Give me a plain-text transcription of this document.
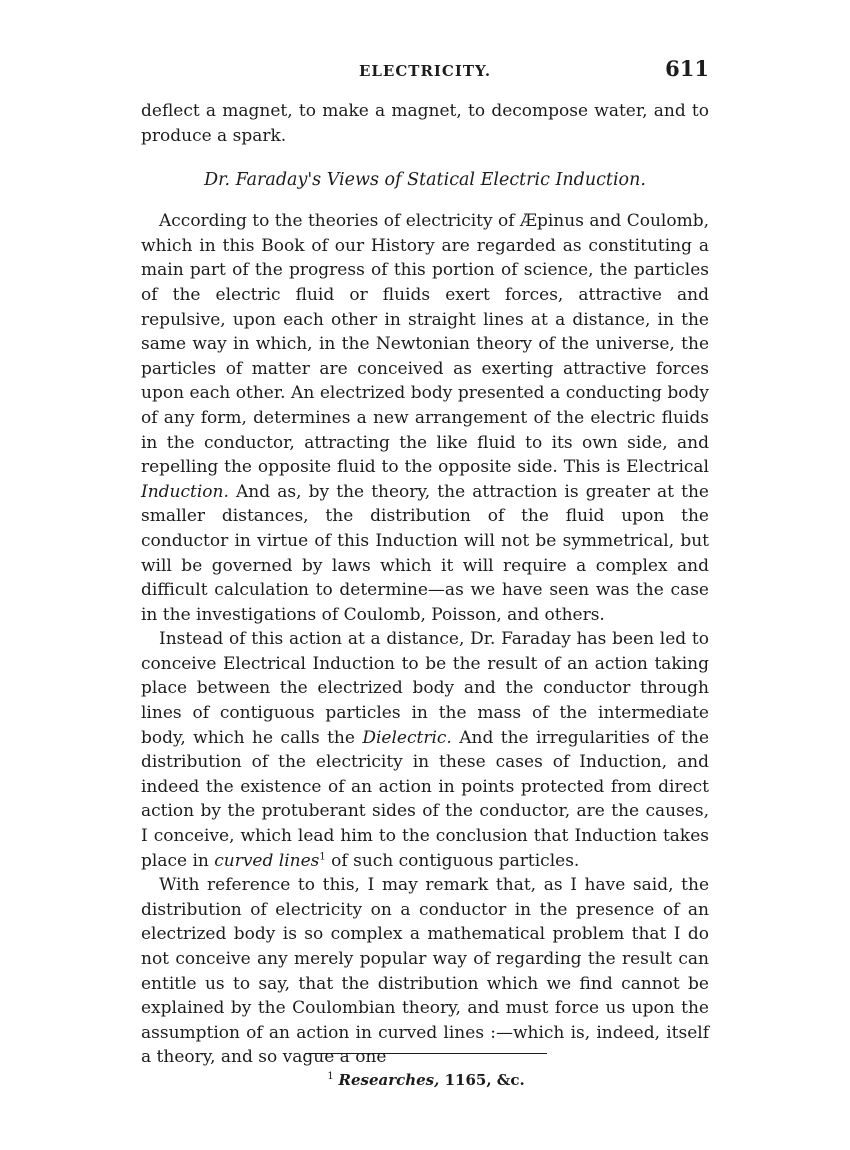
ELECTRICITY.	611

deflect a magnet, to make a magnet, to decompose water, and to produce a spark.

Dr. Faraday's Views of Statical Electric Induction.

According to the theories of electricity of Æpinus and Coulomb, which in this Book of our History are regarded as constituting a main part of the progress of this portion of science, the particles of the electric fluid or fluids exert forces, attractive and repulsive, upon each other in straight lines at a distance, in the same way in which, in the Newtonian theory of the universe, the particles of matter are conceived as exerting attractive forces upon each other. An electrized body presented a conducting body of any form, determines a new arrangement of the electric fluids in the conductor, attracting the like fluid to its own side, and repelling the opposite fluid to the opposite side. This is Electrical Induction. And as, by the theory, the attraction is greater at the smaller distances, the distribution of the fluid upon the conductor in virtue of this Induction will not be symmetrical, but will be governed by laws which it will require a complex and difficult calculation to determine—as we have seen was the case in the investigations of Coulomb, Poisson, and others.

Instead of this action at a distance, Dr. Faraday has been led to conceive Electrical Induction to be the result of an action taking place between the electrized body and the conductor through lines of contiguous particles in the mass of the intermediate body, which he calls the Dielectric. And the irregularities of the distribution of the electricity in these cases of Induction, and indeed the existence of an action in points protected from direct action by the protuberant sides of the conductor, are the causes, I conceive, which lead him to the conclusion that Induction takes place in curved lines$^1$ of such contiguous particles.

With reference to this, I may remark that, as I have said, the distribution of electricity on a conductor in the presence of an electrized body is so complex a mathematical problem that I do not conceive any merely popular way of regarding the result can entitle us to say, that the distribution which we find cannot be explained by the Coulombian theory, and must force us upon the assumption of an action in curved lines :—which is, indeed, itself a theory, and so vague a one

$^1$ Researches, 1165, &c.
